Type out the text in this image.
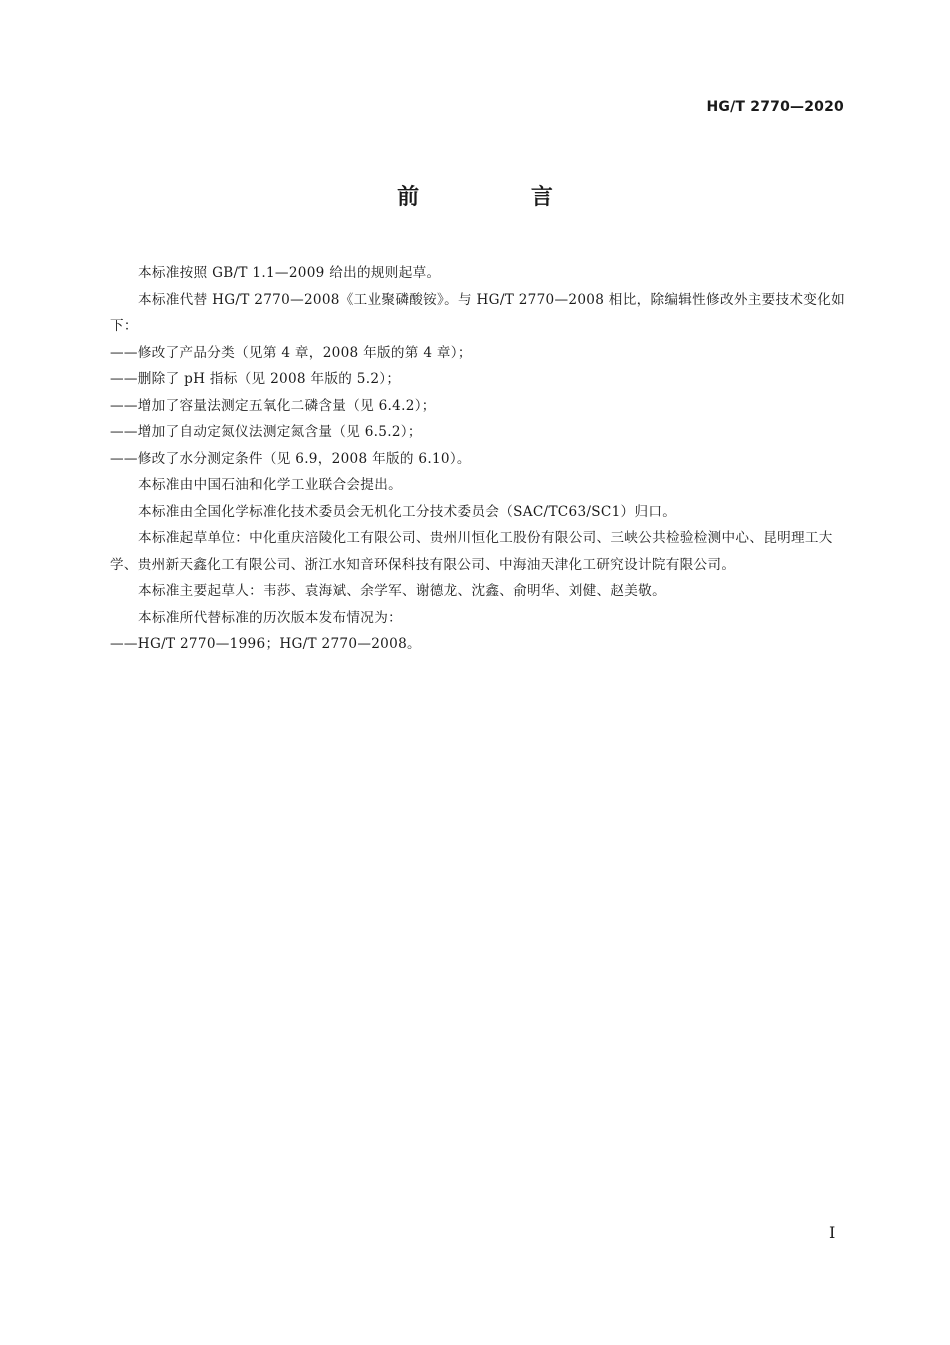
HG/T 2770—2020
前 言

本标准按照 GB/T 1.1—2009 给出的规则起草。

本标准代替 HG/T 2770—2008《工业聚磷酸铵》。与 HG/T 2770—2008 相比，除编辑性修改外主要技术变化如下：

——修改了产品分类（见第 4 章，2008 年版的第 4 章）；

——删除了 pH 指标（见 2008 年版的 5.2）；

——增加了容量法测定五氧化二磷含量（见 6.4.2）；

——增加了自动定氮仪法测定氮含量（见 6.5.2）；

——修改了水分测定条件（见 6.9，2008 年版的 6.10）。

本标准由中国石油和化学工业联合会提出。

本标准由全国化学标准化技术委员会无机化工分技术委员会（SAC/TC63/SC1）归口。

本标准起草单位：中化重庆涪陵化工有限公司、贵州川恒化工股份有限公司、三峡公共检验检测中心、昆明理工大学、贵州新天鑫化工有限公司、浙江水知音环保科技有限公司、中海油天津化工研究设计院有限公司。

本标准主要起草人：韦莎、袁海斌、余学军、谢德龙、沈鑫、俞明华、刘健、赵美敬。

本标准所代替标准的历次版本发布情况为：

——HG/T 2770—1996；HG/T 2770—2008。

I
